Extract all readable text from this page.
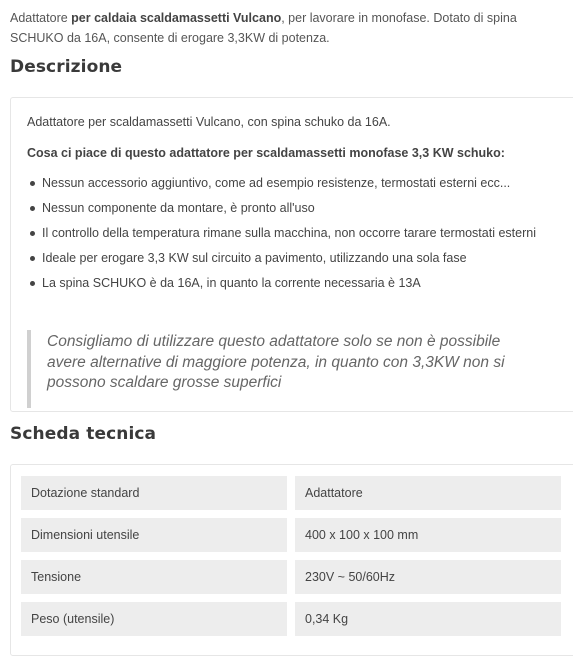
Adattatore per caldaia scaldamassetti Vulcano, per lavorare in monofase. Dotato di spina SCHUKO da 16A, consente di erogare 3,3KW di potenza.
Descrizione
Adattatore per scaldamassetti Vulcano, con spina schuko da 16A.
Cosa ci piace di questo adattatore per scaldamassetti monofase 3,3 KW schuko:
Nessun accessorio aggiuntivo, come ad esempio resistenze, termostati esterni ecc...
Nessun componente da montare, è pronto all'uso
Il controllo della temperatura rimane sulla macchina, non occorre tarare termostati esterni
Ideale per erogare 3,3 KW sul circuito a pavimento, utilizzando una sola fase
La spina SCHUKO è da 16A, in quanto la corrente necessaria è 13A

Consigliamo di utilizzare questo adattatore solo se non è possibile avere alternative di maggiore potenza, in quanto con 3,3KW non si possono scaldare grosse superfici

Scheda tecnica
Dotazione standard	Adattatore
Dimensioni utensile	400 x 100 x 100 mm
Tensione	230V ~ 50/60Hz
Peso (utensile)	0,34 Kg
